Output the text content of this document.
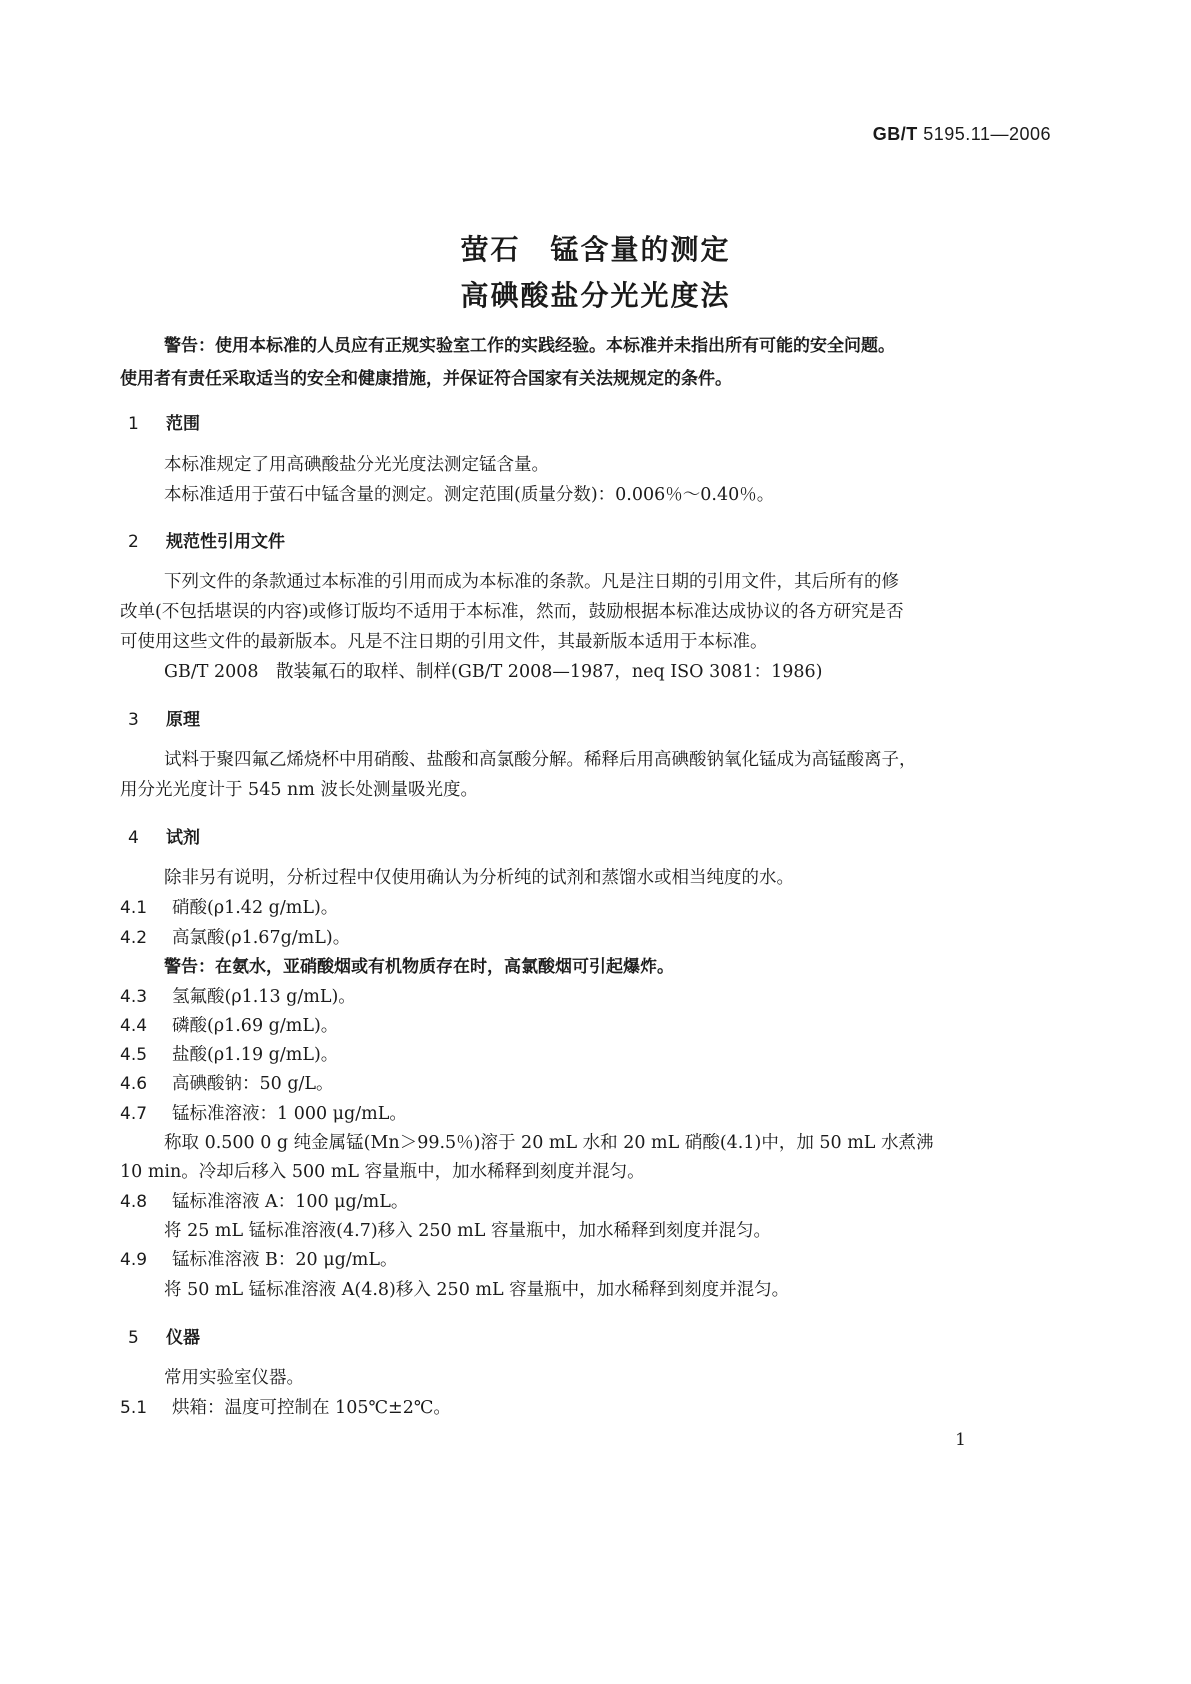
GB/T 5195.11—2006
萤石 锰含量的测定
高碘酸盐分光光度法
警告：使用本标准的人员应有正规实验室工作的实践经验。本标准并未指出所有可能的安全问题。
使用者有责任采取适当的安全和健康措施，并保证符合国家有关法规规定的条件。
1 范围
本标准规定了用高碘酸盐分光光度法测定锰含量。
本标准适用于萤石中锰含量的测定。测定范围(质量分数)：0.006％～0.40％。
2 规范性引用文件
下列文件的条款通过本标准的引用而成为本标准的条款。凡是注日期的引用文件，其后所有的修
改单(不包括堪误的内容)或修订版均不适用于本标准，然而，鼓励根据本标准达成协议的各方研究是否
可使用这些文件的最新版本。凡是不注日期的引用文件，其最新版本适用于本标准。
GB/T 2008　散装氟石的取样、制样(GB/T 2008—1987，neq ISO 3081：1986)
3 原理
试料于聚四氟乙烯烧杯中用硝酸、盐酸和高氯酸分解。稀释后用高碘酸钠氧化锰成为高锰酸离子，
用分光光度计于 545 nm 波长处测量吸光度。
4 试剂
除非另有说明，分析过程中仅使用确认为分析纯的试剂和蒸馏水或相当纯度的水。
4.1 硝酸(ρ1.42 g/mL)。
4.2 高氯酸(ρ1.67g/mL)。
警告：在氨水，亚硝酸烟或有机物质存在时，高氯酸烟可引起爆炸。
4.3 氢氟酸(ρ1.13 g/mL)。
4.4 磷酸(ρ1.69 g/mL)。
4.5 盐酸(ρ1.19 g/mL)。
4.6 高碘酸钠：50 g/L。
4.7 锰标准溶液：1 000 μg/mL。
称取 0.500 0 g 纯金属锰(Mn＞99.5％)溶于 20 mL 水和 20 mL 硝酸(4.1)中，加 50 mL 水煮沸
10 min。冷却后移入 500 mL 容量瓶中，加水稀释到刻度并混匀。
4.8 锰标准溶液 A：100 μg/mL。
将 25 mL 锰标准溶液(4.7)移入 250 mL 容量瓶中，加水稀释到刻度并混匀。
4.9 锰标准溶液 B：20 μg/mL。
将 50 mL 锰标准溶液 A(4.8)移入 250 mL 容量瓶中，加水稀释到刻度并混匀。
5 仪器
常用实验室仪器。
5.1 烘箱：温度可控制在 105℃±2℃。
1
